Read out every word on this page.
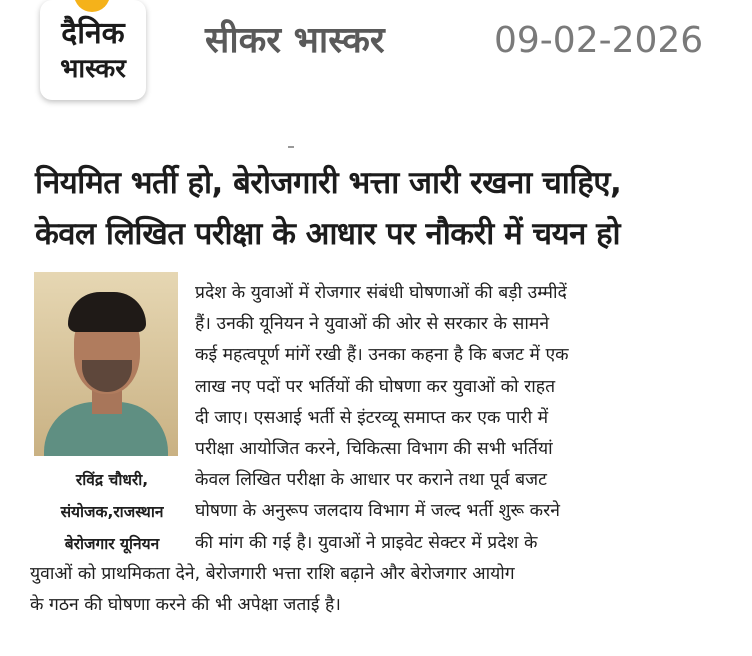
दैनिक
भास्कर
सीकर भास्कर	09-02-2026
नियमित भर्ती हो, बेरोजगारी भत्ता जारी रखना चाहिए,
केवल लिखित परीक्षा के आधार पर नौकरी में चयन हो
रविंद्र चौधरी,
संयोजक,राजस्थान
बेरोजगार यूनियन
प्रदेश के युवाओं में रोजगार संबंधी घोषणाओं की बड़ी उम्मीदें
हैं। उनकी यूनियन ने युवाओं की ओर से सरकार के सामने
कई महत्वपूर्ण मांगें रखी हैं। उनका कहना है कि बजट में एक
लाख नए पदों पर भर्तियों की घोषणा कर युवाओं को राहत
दी जाए। एसआई भर्ती से इंटरव्यू समाप्त कर एक पारी में
परीक्षा आयोजित करने, चिकित्सा विभाग की सभी भर्तियां
केवल लिखित परीक्षा के आधार पर कराने तथा पूर्व बजट
घोषणा के अनुरूप जलदाय विभाग में जल्द भर्ती शुरू करने
की मांग की गई है। युवाओं ने प्राइवेट सेक्टर में प्रदेश के
युवाओं को प्राथमिकता देने, बेरोजगारी भत्ता राशि बढ़ाने और बेरोजगार आयोग
के गठन की घोषणा करने की भी अपेक्षा जताई है।
